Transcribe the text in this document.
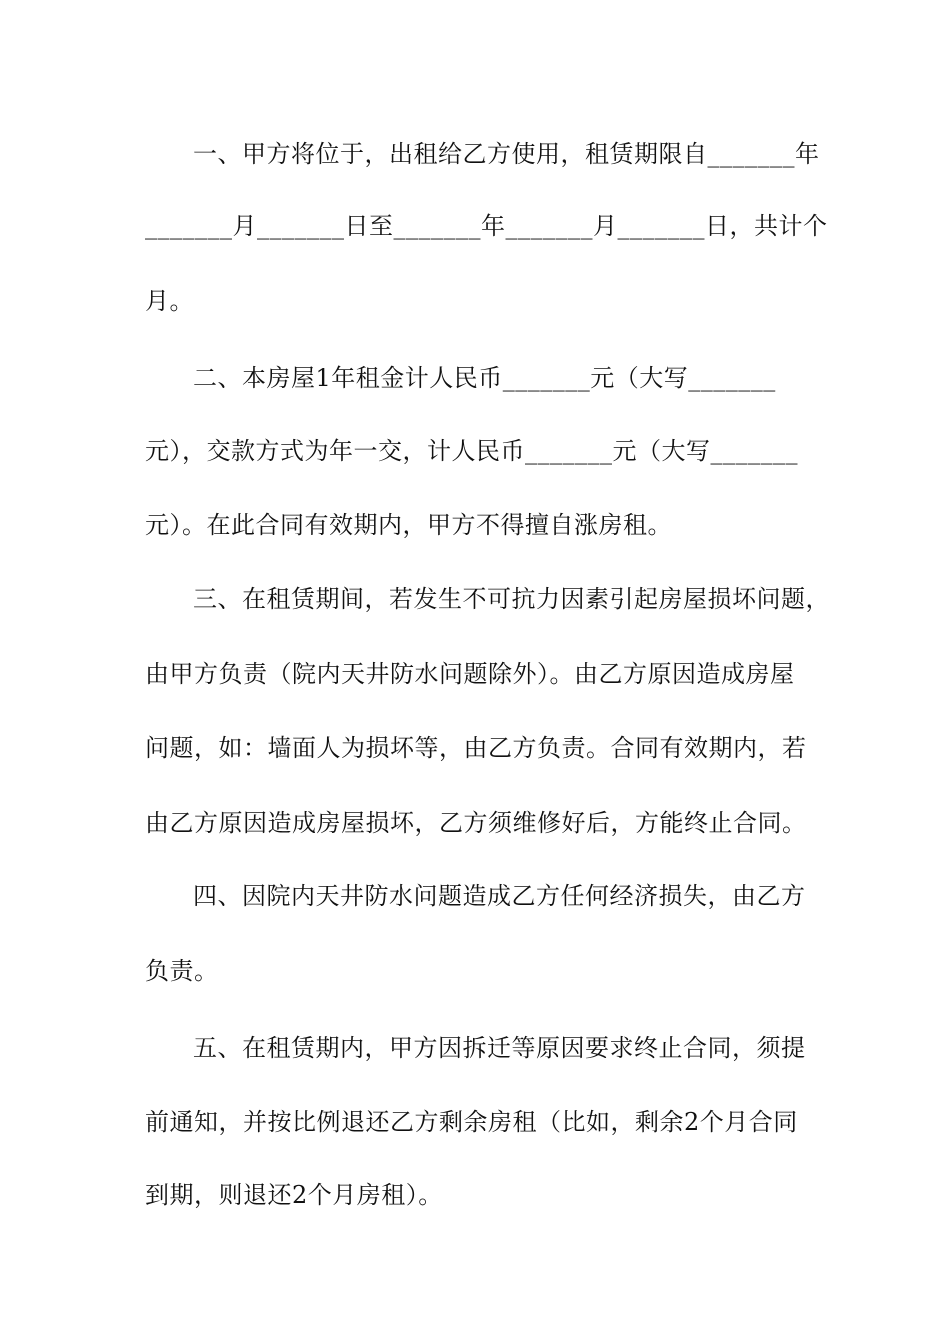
一、甲方将位于，出租给乙方使用，租赁期限自_______年
_______月_______日至_______年_______月_______日，共计个
月。
二、本房屋1年租金计人民币_______元（大写_______
元），交款方式为年一交，计人民币_______元（大写_______
元）。在此合同有效期内，甲方不得擅自涨房租。
三、在租赁期间，若发生不可抗力因素引起房屋损坏问题，
由甲方负责（院内天井防水问题除外）。由乙方原因造成房屋
问题，如：墙面人为损坏等，由乙方负责。合同有效期内，若
由乙方原因造成房屋损坏，乙方须维修好后，方能终止合同。
四、因院内天井防水问题造成乙方任何经济损失，由乙方
负责。
五、在租赁期内，甲方因拆迁等原因要求终止合同，须提
前通知，并按比例退还乙方剩余房租（比如，剩余2个月合同
到期，则退还2个月房租）。
